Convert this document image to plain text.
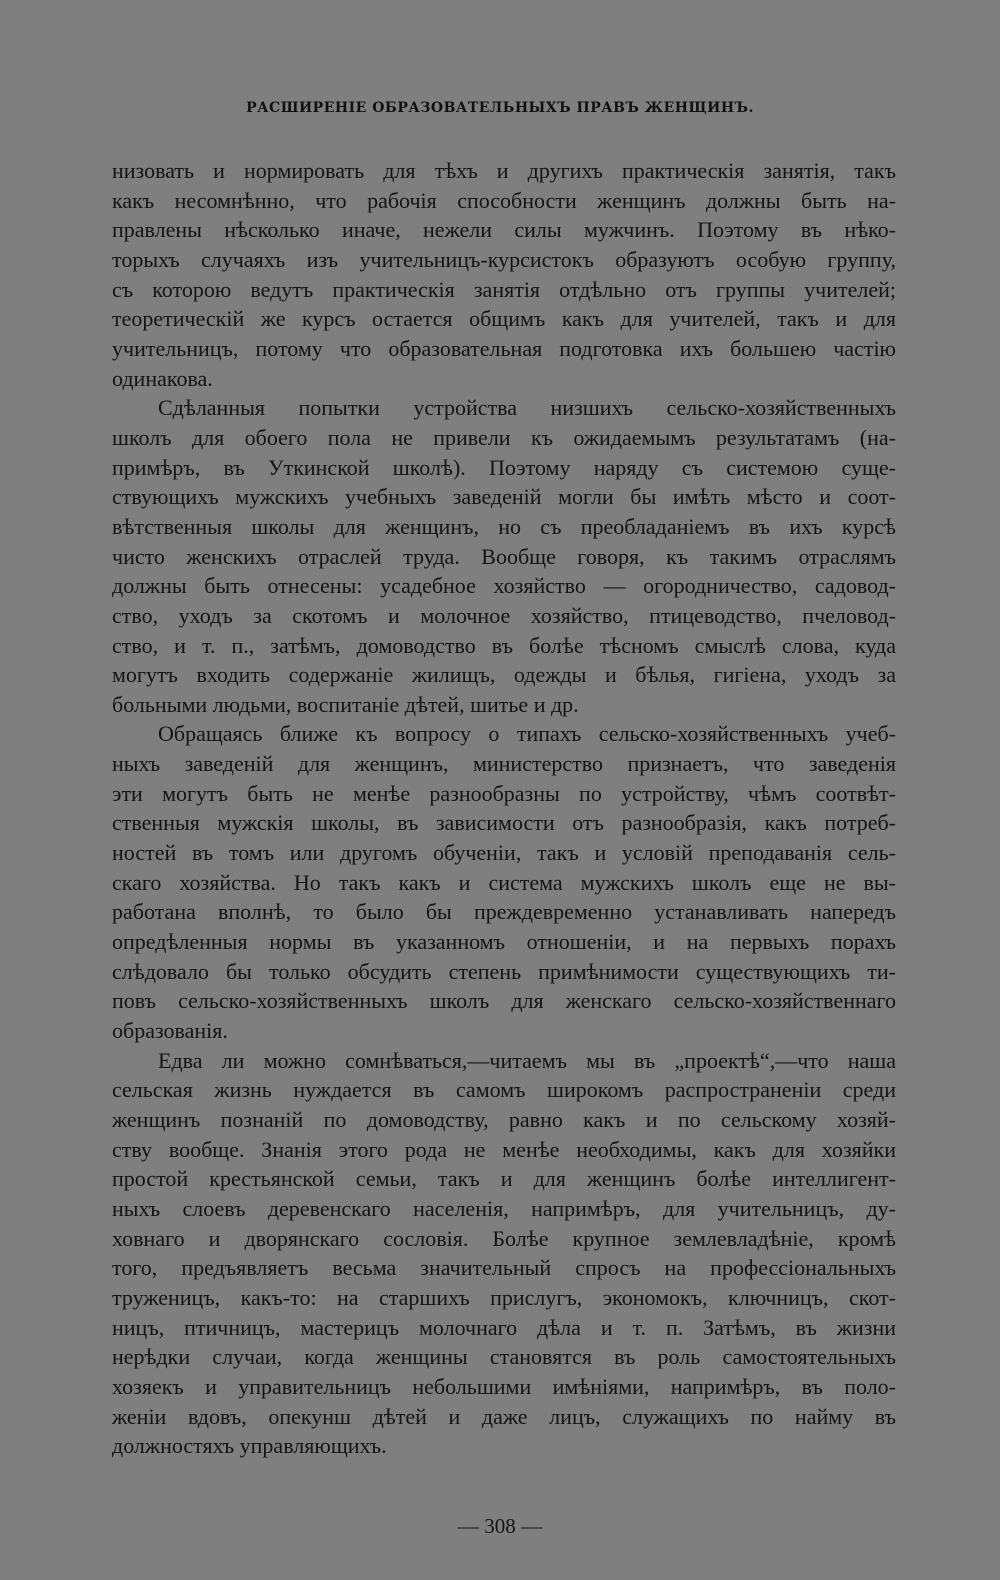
РАСШИРЕНІЕ ОБРАЗОВАТЕЛЬНЫХЪ ПРАВЪ ЖЕНЩИНЪ.

низовать и нормировать для тѣхъ и другихъ практическія занятія, такъ
какъ несомнѣнно, что рабочія способности женщинъ должны быть на-
правлены нѣсколько иначе, нежели силы мужчинъ. Поэтому въ нѣко-
торыхъ случаяхъ изъ учительницъ-курсистокъ образуютъ особую группу,
съ которою ведутъ практическія занятія отдѣльно отъ группы учителей;
теоретическій же курсъ остается общимъ какъ для учителей, такъ и для
учительницъ, потому что образовательная подготовка ихъ большею частію
одинакова.

Сдѣланныя попытки устройства низшихъ сельско-хозяйственныхъ
школъ для обоего пола не привели къ ожидаемымъ результатамъ (на-
примѣръ, въ Уткинской школѣ). Поэтому наряду съ системою суще-
ствующихъ мужскихъ учебныхъ заведеній могли бы имѣть мѣсто и соот-
вѣтственныя школы для женщинъ, но съ преобладаніемъ въ ихъ курсѣ
чисто женскихъ отраслей труда. Вообще говоря, къ такимъ отраслямъ
должны быть отнесены: усадебное хозяйство — огородничество, садовод-
ство, уходъ за скотомъ и молочное хозяйство, птицеводство, пчеловод-
ство, и т. п., затѣмъ, домоводство въ болѣе тѣсномъ смыслѣ слова, куда
могутъ входить содержаніе жилищъ, одежды и бѣлья, гигіена, уходъ за
больными людьми, воспитаніе дѣтей, шитье и др.

Обращаясь ближе къ вопросу о типахъ сельско-хозяйственныхъ учеб-
ныхъ заведеній для женщинъ, министерство признаетъ, что заведенія
эти могутъ быть не менѣе разнообразны по устройству, чѣмъ соотвѣт-
ственныя мужскія школы, въ зависимости отъ разнообразія, какъ потреб-
ностей въ томъ или другомъ обученіи, такъ и условій преподаванія сель-
скаго хозяйства. Но такъ какъ и система мужскихъ школъ еще не вы-
работана вполнѣ, то было бы преждевременно устанавливать напередъ
опредѣленныя нормы въ указанномъ отношеніи, и на первыхъ порахъ
слѣдовало бы только обсудить степень примѣнимости существующихъ ти-
повъ сельско-хозяйственныхъ школъ для женскаго сельско-хозяйственнаго
образованія.

Едва ли можно сомнѣваться,—читаемъ мы въ „проектѣ“,—что наша
сельская жизнь нуждается въ самомъ широкомъ распространеніи среди
женщинъ познаній по домоводству, равно какъ и по сельскому хозяй-
ству вообще. Знанія этого рода не менѣе необходимы, какъ для хозяйки
простой крестьянской семьи, такъ и для женщинъ болѣе интеллигент-
ныхъ слоевъ деревенскаго населенія, напримѣръ, для учительницъ, ду-
ховнаго и дворянскаго сословія. Болѣе крупное землевладѣніе, кромѣ
того, предъявляетъ весьма значительный спросъ на профессіональныхъ
труженицъ, какъ-то: на старшихъ прислугъ, экономокъ, ключницъ, скот-
ницъ, птичницъ, мастерицъ молочнаго дѣла и т. п. Затѣмъ, въ жизни
нерѣдки случаи, когда женщины становятся въ роль самостоятельныхъ
хозяекъ и управительницъ небольшими имѣніями, напримѣръ, въ поло-
женіи вдовъ, опекунш дѣтей и даже лицъ, служащихъ по найму въ
должностяхъ управляющихъ.

— 308 —
